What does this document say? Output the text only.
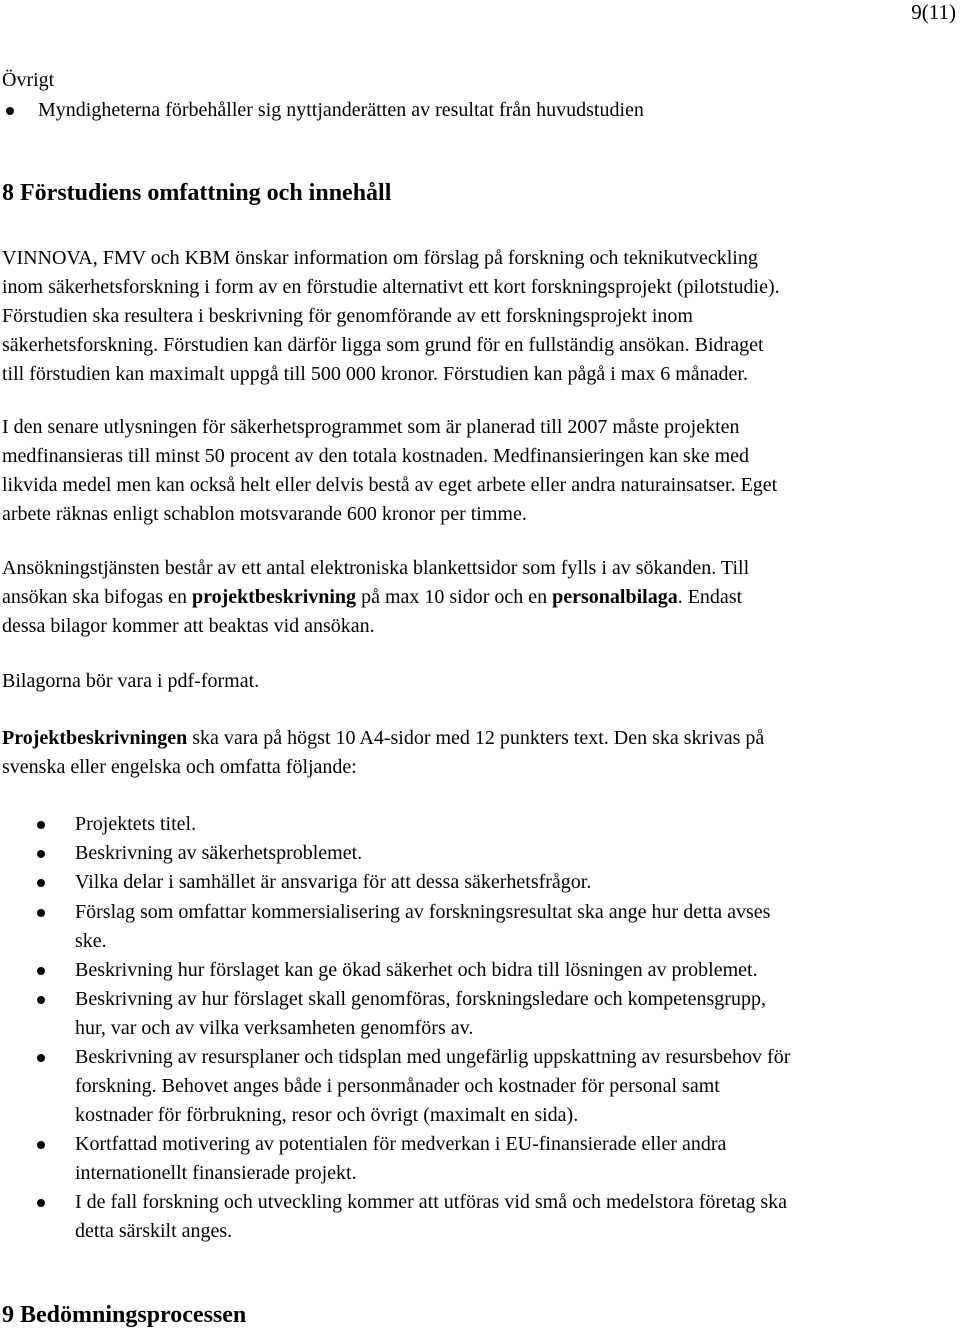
9(11)
Övrigt
Myndigheterna förbehåller sig nyttjanderätten av resultat från huvudstudien
8 Förstudiens omfattning och innehåll

VINNOVA, FMV och KBM önskar information om förslag på forskning och teknikutveckling
inom säkerhetsforskning i form av en förstudie alternativt ett kort forskningsprojekt (pilotstudie).
Förstudien ska resultera i beskrivning för genomförande av ett forskningsprojekt inom
säkerhetsforskning. Förstudien kan därför ligga som grund för en fullständig ansökan. Bidraget
till förstudien kan maximalt uppgå till 500 000 kronor. Förstudien kan pågå i max 6 månader.

I den senare utlysningen för säkerhetsprogrammet som är planerad till 2007 måste projekten
medfinansieras till minst 50 procent av den totala kostnaden. Medfinansieringen kan ske med
likvida medel men kan också helt eller delvis bestå av eget arbete eller andra naturainsatser. Eget
arbete räknas enligt schablon motsvarande 600 kronor per timme.

Ansökningstjänsten består av ett antal elektroniska blankettsidor som fylls i av sökanden. Till
ansökan ska bifogas en projektbeskrivning på max 10 sidor och en personalbilaga. Endast
dessa bilagor kommer att beaktas vid ansökan.

Bilagorna bör vara i pdf-format.

Projektbeskrivningen ska vara på högst 10 A4-sidor med 12 punkters text. Den ska skrivas på
svenska eller engelska och omfatta följande:

Projektets titel.
Beskrivning av säkerhetsproblemet.
Vilka delar i samhället är ansvariga för att dessa säkerhetsfrågor.
Förslag som omfattar kommersialisering av forskningsresultat ska ange hur detta avses
ske.
Beskrivning hur förslaget kan ge ökad säkerhet och bidra till lösningen av problemet.
Beskrivning av hur förslaget skall genomföras, forskningsledare och kompetensgrupp,
hur, var och av vilka verksamheten genomförs av.
Beskrivning av resursplaner och tidsplan med ungefärlig uppskattning av resursbehov för
forskning. Behovet anges både i personmånader och kostnader för personal samt
kostnader för förbrukning, resor och övrigt (maximalt en sida).
Kortfattad motivering av potentialen för medverkan i EU-finansierade eller andra
internationellt finansierade projekt.
I de fall forskning och utveckling kommer att utföras vid små och medelstora företag ska
detta särskilt anges.
9 Bedömningsprocessen
